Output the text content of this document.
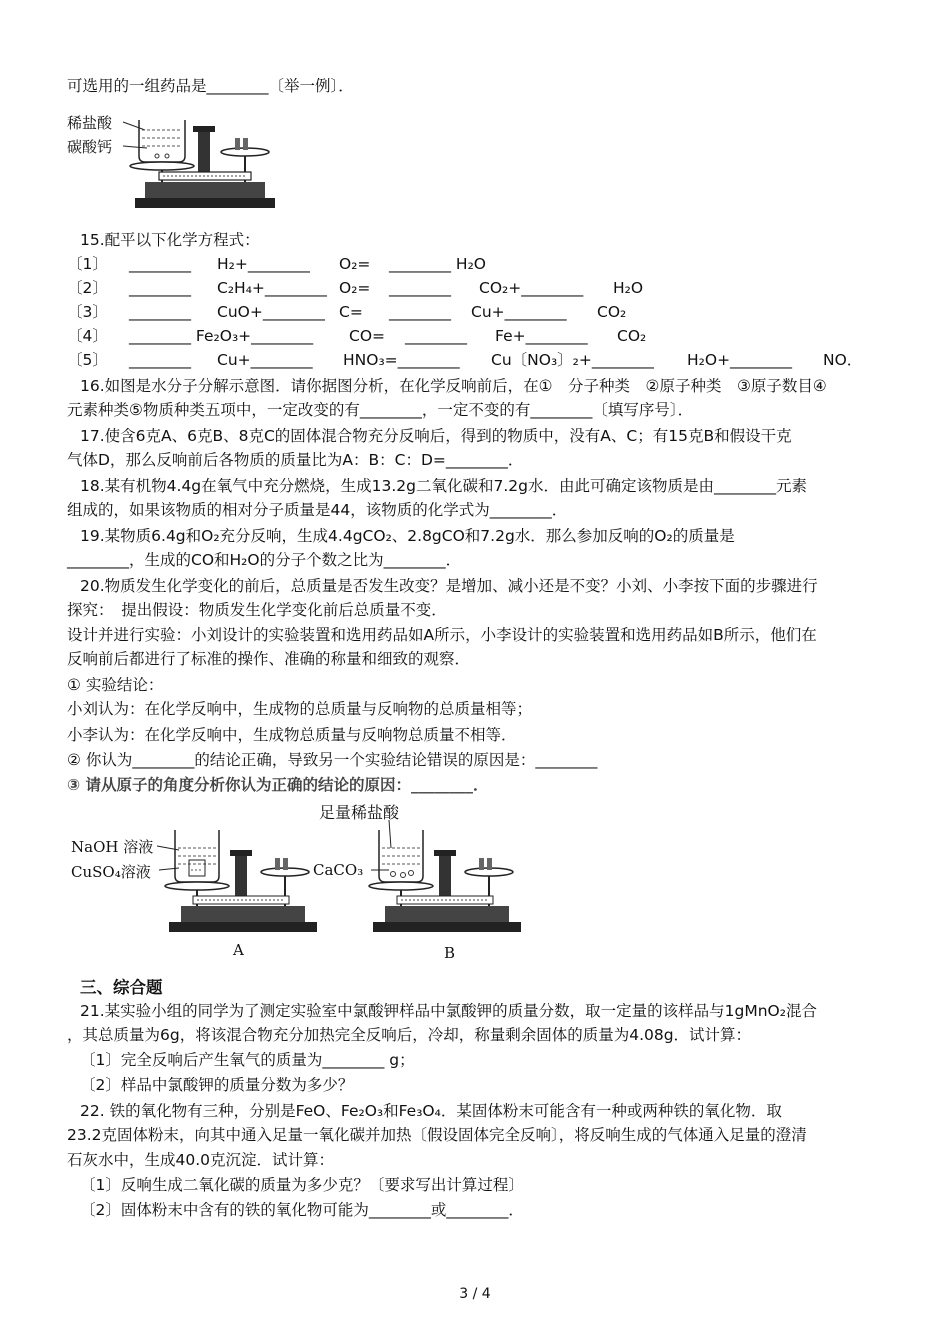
可选用的一组药品是________〔举一例〕．
稀盐酸
碳酸钙
15.配平以下化学方程式：
〔1〕 ________ H₂+________ O₂= ________ H₂O
〔2〕 ________ C₂H₄+________ O₂= ________ CO₂+________ H₂O
〔3〕 ________ CuO+________ C= ________ Cu+________ CO₂
〔4〕 ________ Fe₂O₃+________ CO= ________ Fe+________ CO₂
〔5〕 ________ Cu+________ HNO₃=________ Cu〔NO₃〕₂+________ H₂O+________ NO．
16.如图是水分子分解示意图．请你据图分析，在化学反响前后，在①　分子种类　②原子种类　③原子数目④
元素种类⑤物质种类五项中，一定改变的有________，一定不变的有________〔填写序号〕．
17.使含6克A、6克B、8克C的固体混合物充分反响后，得到的物质中，没有A、C；有15克B和假设干克
气体D，那么反响前后各物质的质量比为A：B：C：D=________．
18.某有机物4.4g在氧气中充分燃烧，生成13.2g二氧化碳和7.2g水．由此可确定该物质是由________元素
组成的，如果该物质的相对分子质量是44，该物质的化学式为________．
19.某物质6.4g和O₂充分反响，生成4.4gCO₂、2.8gCO和7.2g水．那么参加反响的O₂的质量是
________，生成的CO和H₂O的分子个数之比为________．
20.物质发生化学变化的前后，总质量是否发生改变？是增加、减小还是不变？小刘、小李按下面的步骤进行
探究：　提出假设：物质发生化学变化前后总质量不变．
设计并进行实验：小刘设计的实验装置和选用药品如A所示，小李设计的实验装置和选用药品如B所示，他们在
反响前后都进行了标准的操作、准确的称量和细致的观察．
① 实验结论：
小刘认为：在化学反响中，生成物的总质量与反响物的总质量相等；
小李认为：在化学反响中，生成物总质量与反响物总质量不相等．
② 你认为________的结论正确，导致另一个实验结论错误的原因是：________
③ 请从原子的角度分析你认为正确的结论的原因：________．
足量稀盐酸
NaOH 溶液
CuSO₄溶液	CaCO₃
A	B
三、综合题
21.某实验小组的同学为了测定实验室中氯酸钾样品中氯酸钾的质量分数，取一定量的该样品与1gMnO₂混合
，其总质量为6g，将该混合物充分加热完全反响后，冷却，称量剩余固体的质量为4.08g．试计算：
〔1〕完全反响后产生氧气的质量为________ g；
〔2〕样品中氯酸钾的质量分数为多少？
22. 铁的氧化物有三种，分别是FeO、Fe₂O₃和Fe₃O₄．某固体粉末可能含有一种或两种铁的氧化物．取
23.2克固体粉末，向其中通入足量一氧化碳并加热〔假设固体完全反响〕，将反响生成的气体通入足量的澄清
石灰水中，生成40.0克沉淀．试计算：
〔1〕反响生成二氧化碳的质量为多少克？〔要求写出计算过程〕
〔2〕固体粉末中含有的铁的氧化物可能为________或________．
3 / 4
